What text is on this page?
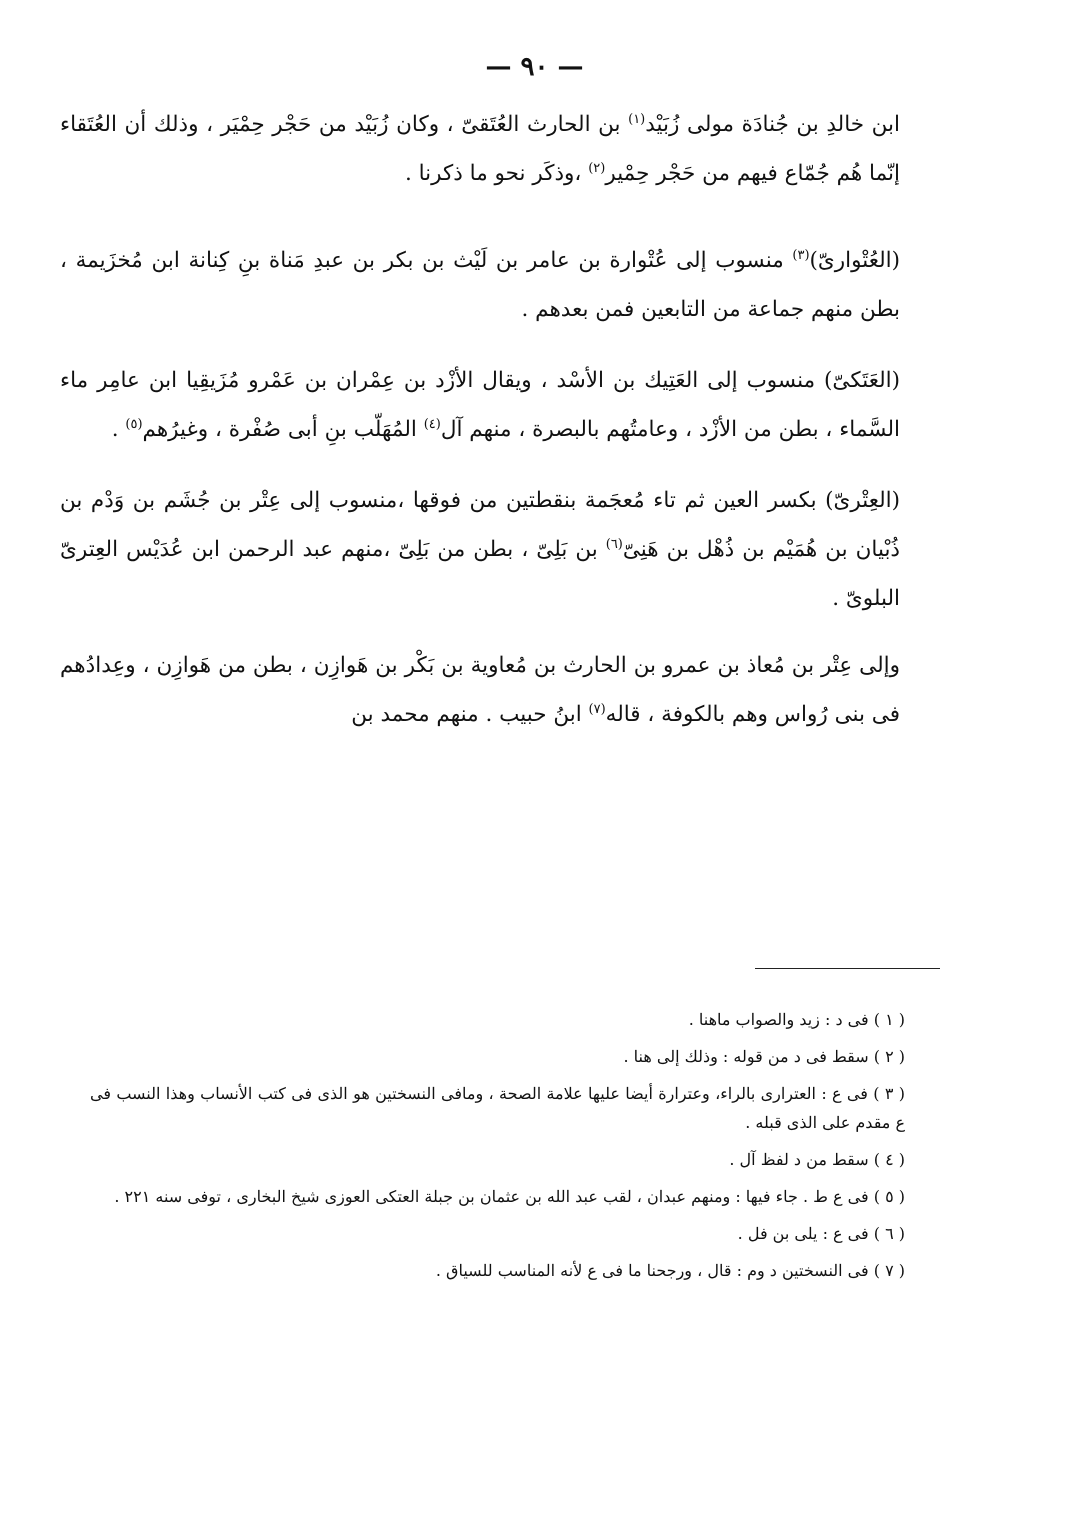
— ٩٠ —

ابن خالدِ بن جُنادَة مولى زُبَيْد$^{(١)}$ بن الحارث العُتَقىّ ، وكان زُبَيْد من حَجْر حِمْيَر ، وذلك أن العُتَقاء إنّما هُم جُمّاع فيهم من حَجْر حِمْير$^{(٢)}$ ،وذكَر نحو ما ذكرنا .

(العُتْوارىّ)$^{(٣)}$ منسوب إلى عُتْوارة بن عامر بن لَيْث بن بكر بن عبدِ مَناة بنِ كِنانة ابن مُخزَيمة ، بطن منهم جماعة من التابعين فمن بعدهم .

(العَتَكىّ) منسوب إلى العَتِيك بن الأسْد ، ويقال الأزْد بن عِمْران بن عَمْرو مُزَيقِيا ابن عامِر ماء السَّماء ، بطن من الأزْد ، وعامتُهم بالبصرة ، منهم آل$^{(٤)}$ المُهَلّب بنِ أبى صُفْرة ، وغيرُهم$^{(٥)}$ .

(العِتْرىّ) بكسر العين ثم تاء مُعجَمة بنقطتين من فوقها ،منسوب إلى عِتْر بن جُشَم بن وَدْم بن ذُبْيان بن هُمَيْم بن ذُهْل بن هَنِىّ$^{(٦)}$ بن بَلِىّ ، بطن من بَلِىّ ،منهم عبد الرحمن ابن عُدَيْس العِترىّ البلوىّ .

وإلى عِتْر بن مُعاذ بن عمرو بن الحارث بن مُعاوية بن بَكْر بن هَوازِن ، بطن من هَوازِن ، وعِدادُهم فى بنى رُواس وهم بالكوفة ، قاله$^{(٧)}$ ابنُ حبيب . منهم محمد بن

( ١ ) فى د : زيد والصواب ماهنا .

( ٢ ) سقط فى د من قوله : وذلك إلى هنا .

( ٣ ) فى ع : العترارى بالراء، وعترارة أيضا عليها علامة الصحة ، ومافى النسختين هو الذى فى كتب الأنساب وهذا النسب فى ع مقدم على الذى قبله .

( ٤ ) سقط من د لفظ آل .

( ٥ ) فى ع ط . جاء فيها : ومنهم عبدان ، لقب عبد الله بن عثمان بن جبلة العتكى العوزى شيخ البخارى ، توفى سنه ٢٢١ .

( ٦ ) فى ع : يلى بن فل .

( ٧ ) فى النسختين د وم : قال ، ورجحنا ما فى ع لأنه المناسب للسياق .
